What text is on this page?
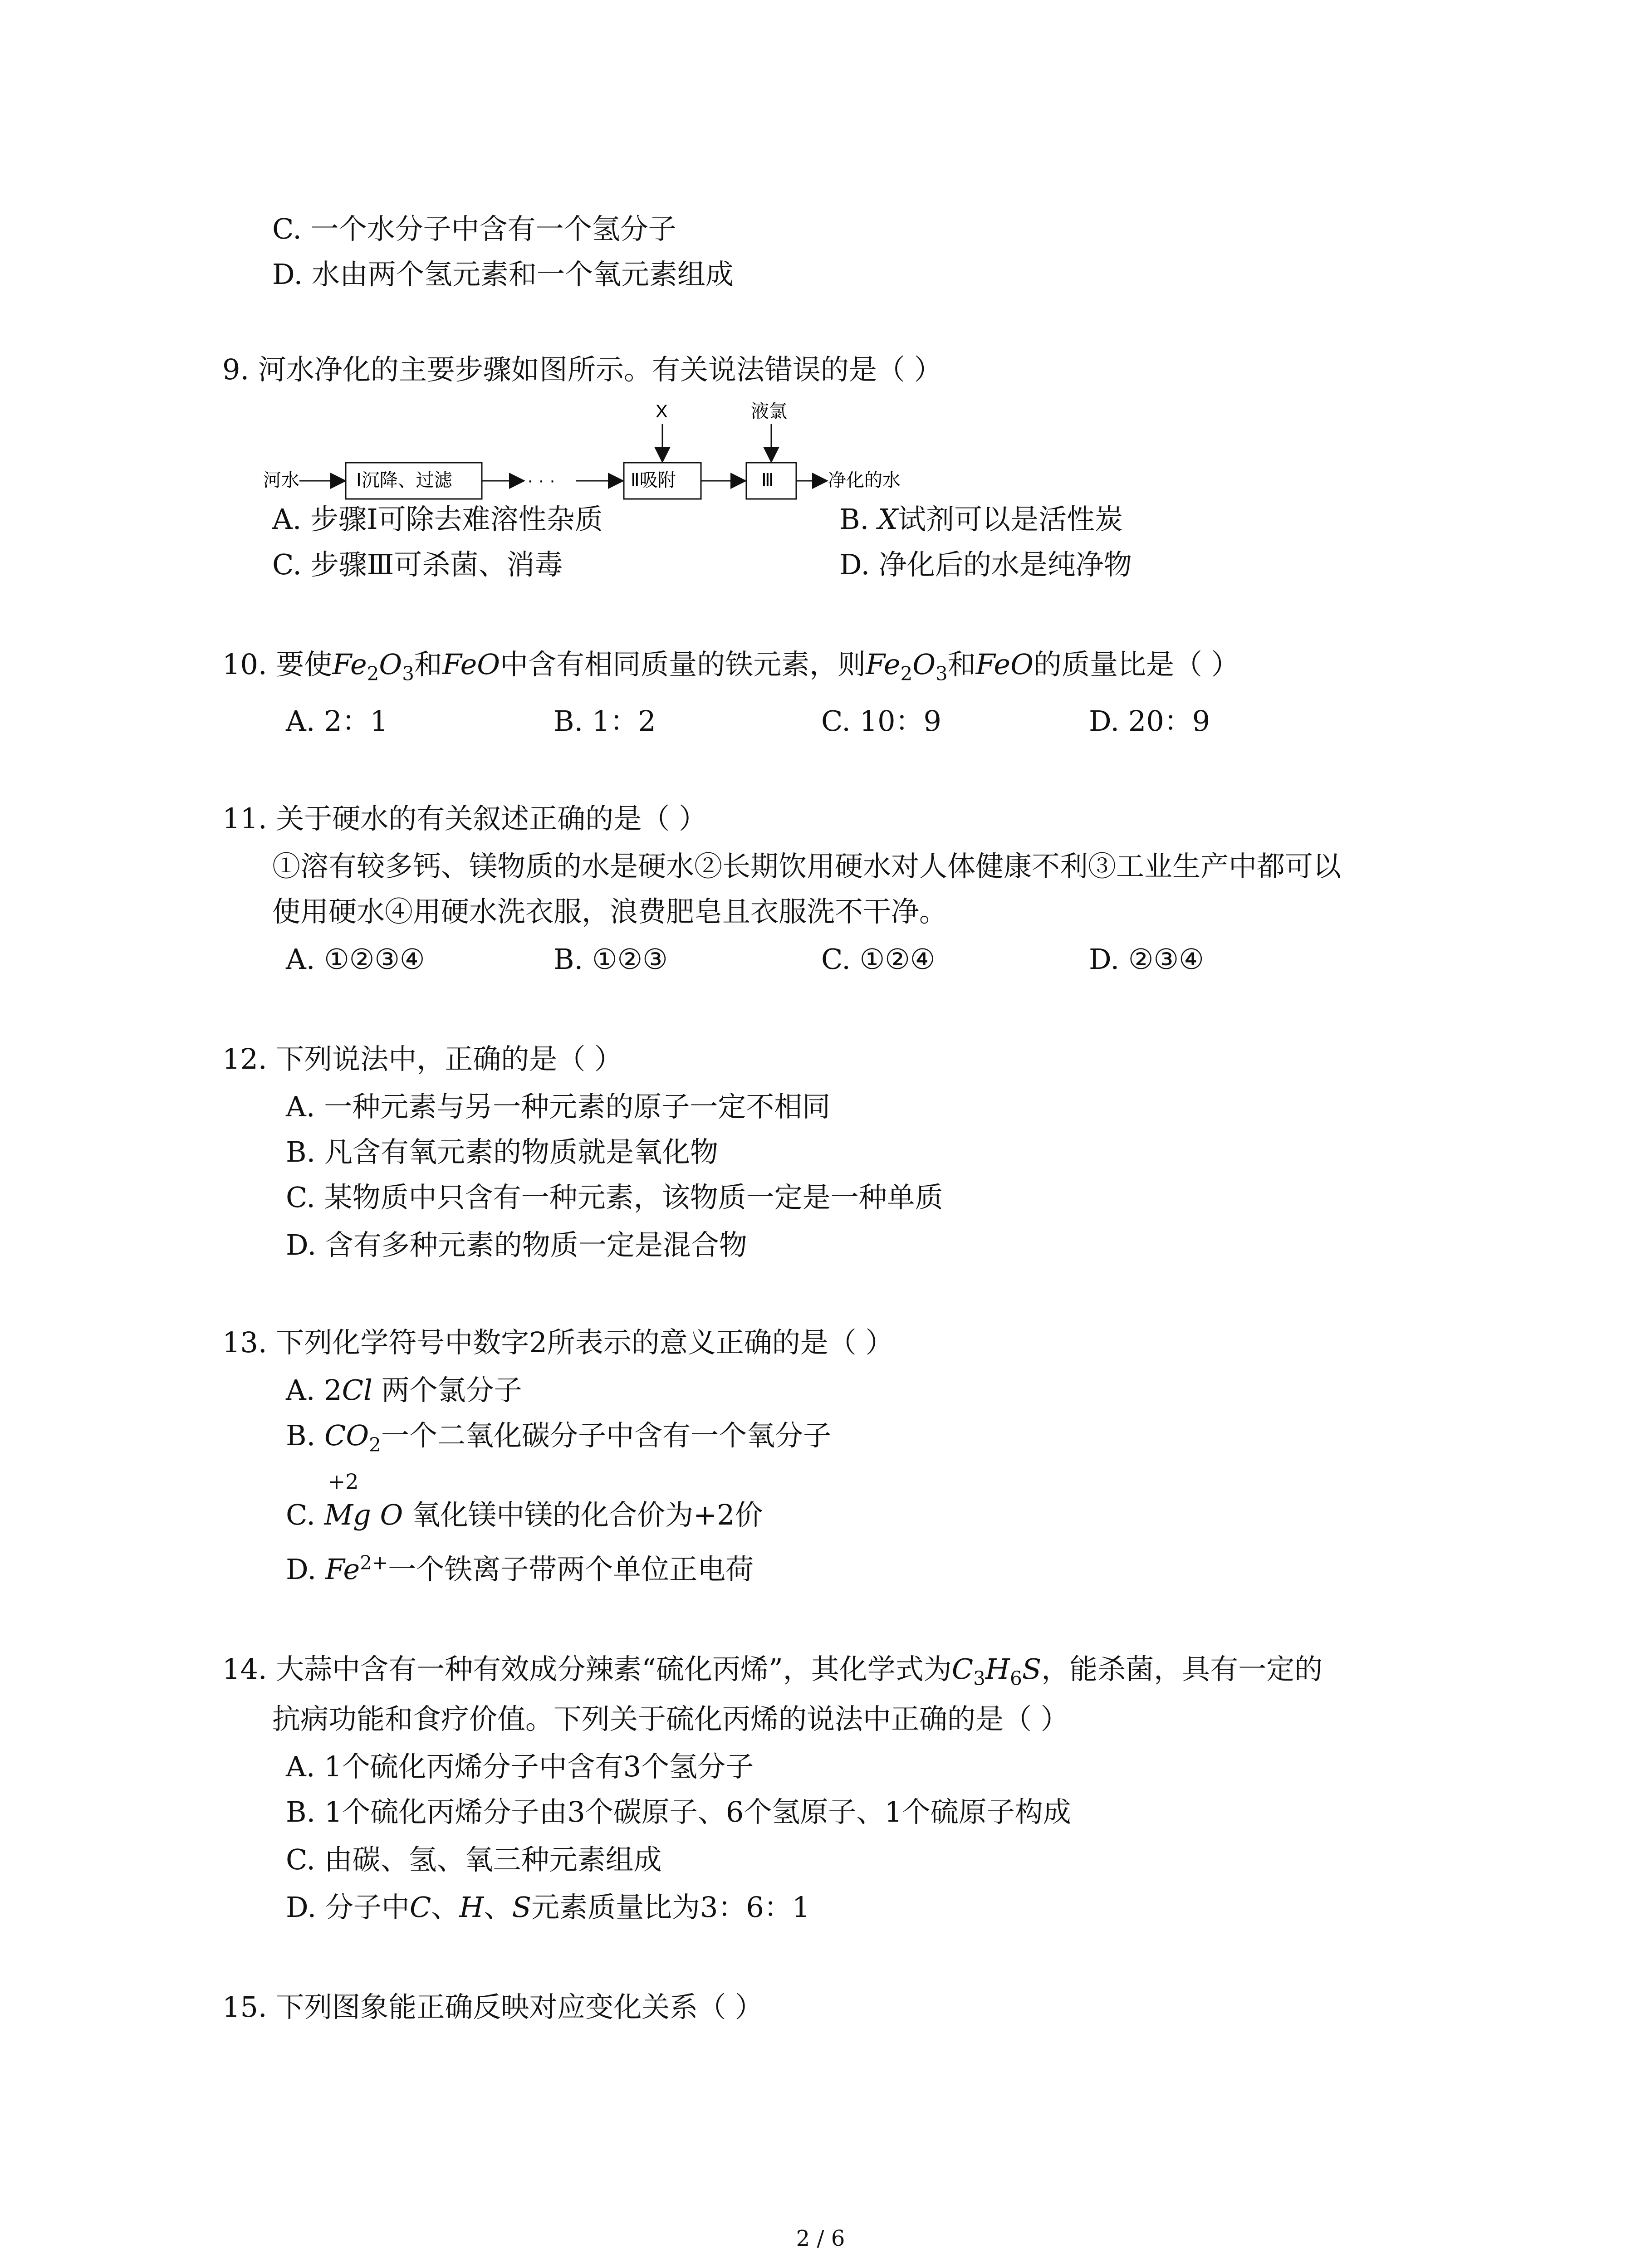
C. 一个水分子中含有一个氢分子
D. 水由两个氢元素和一个氧元素组成
9. 河水净化的主要步骤如图所示。有关说法错误的是（ ）
河水	Ⅰ沉降、过滤	· · ·	Ⅱ吸附
X
Ⅲ
液氯
净化的水
A. 步骤Ⅰ可除去难溶性杂质	B. X试剂可以是活性炭
C. 步骤Ⅲ可杀菌、消毒	D. 净化后的水是纯净物
10. 要使$Fe_2O_3$和FeO中含有相同质量的铁元素，则$Fe_2O_3$和FeO的质量比是（ ）
A. 2：1	B. 1：2	C. 10：9	D. 20：9
11. 关于硬水的有关叙述正确的是（ ）
①溶有较多钙、镁物质的水是硬水②长期饮用硬水对人体健康不利③工业生产中都可以
使用硬水④用硬水洗衣服，浪费肥皂且衣服洗不干净。
A. ①②③④	B. ①②③	C. ①②④	D. ②③④
12. 下列说法中，正确的是（ ）
A. 一种元素与另一种元素的原子一定不相同
B. 凡含有氧元素的物质就是氧化物
C. 某物质中只含有一种元素，该物质一定是一种单质
D. 含有多种元素的物质一定是混合物
13. 下列化学符号中数字2所表示的意义正确的是（ ）
A. 2Cl 两个氯分子
B. $CO_2$一个二氧化碳分子中含有一个氧分子
C.
+2
Mg O 氧化镁中镁的化合价为+2价
D. $Fe^{2+}$一个铁离子带两个单位正电荷
14. 大蒜中含有一种有效成分辣素“硫化丙烯”，其化学式为$C_3H_6S$，能杀菌，具有一定的
抗病功能和食疗价值。下列关于硫化丙烯的说法中正确的是（ ）
A. 1个硫化丙烯分子中含有3个氢分子
B. 1个硫化丙烯分子由3个碳原子、6个氢原子、1个硫原子构成
C. 由碳、氢、氧三种元素组成
D. 分子中C、H、S元素质量比为3：6：1
15. 下列图象能正确反映对应变化关系（ ）
2 / 6
